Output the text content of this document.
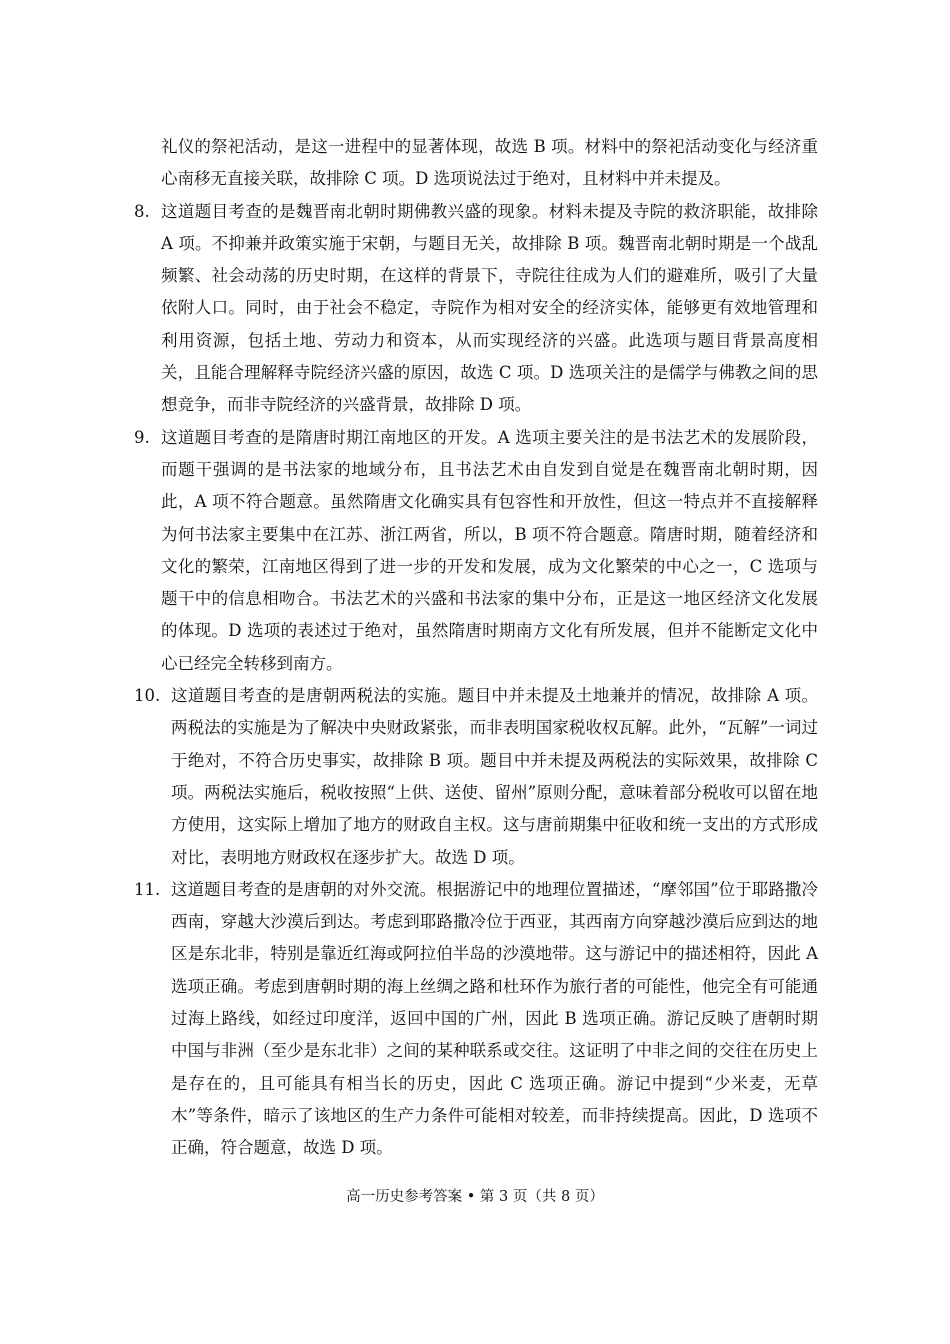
礼仪的祭祀活动，是这一进程中的显著体现，故选 B 项。材料中的祭祀活动变化与经济重心南移无直接关联，故排除 C 项。D 选项说法过于绝对，且材料中并未提及。

8. 这道题目考查的是魏晋南北朝时期佛教兴盛的现象。材料未提及寺院的救济职能，故排除 A 项。不抑兼并政策实施于宋朝，与题目无关，故排除 B 项。魏晋南北朝时期是一个战乱频繁、社会动荡的历史时期，在这样的背景下，寺院往往成为人们的避难所，吸引了大量依附人口。同时，由于社会不稳定，寺院作为相对安全的经济实体，能够更有效地管理和利用资源，包括土地、劳动力和资本，从而实现经济的兴盛。此选项与题目背景高度相关，且能合理解释寺院经济兴盛的原因，故选 C 项。D 选项关注的是儒学与佛教之间的思想竞争，而非寺院经济的兴盛背景，故排除 D 项。
9. 这道题目考查的是隋唐时期江南地区的开发。A 选项主要关注的是书法艺术的发展阶段，而题干强调的是书法家的地域分布，且书法艺术由自发到自觉是在魏晋南北朝时期，因此，A 项不符合题意。虽然隋唐文化确实具有包容性和开放性，但这一特点并不直接解释为何书法家主要集中在江苏、浙江两省，所以，B 项不符合题意。隋唐时期，随着经济和文化的繁荣，江南地区得到了进一步的开发和发展，成为文化繁荣的中心之一，C 选项与题干中的信息相吻合。书法艺术的兴盛和书法家的集中分布，正是这一地区经济文化发展的体现。D 选项的表述过于绝对，虽然隋唐时期南方文化有所发展，但并不能断定文化中心已经完全转移到南方。
10. 这道题目考查的是唐朝两税法的实施。题目中并未提及土地兼并的情况，故排除 A 项。两税法的实施是为了解决中央财政紧张，而非表明国家税收权瓦解。此外，“瓦解”一词过于绝对，不符合历史事实，故排除 B 项。题目中并未提及两税法的实际效果，故排除 C 项。两税法实施后，税收按照“上供、送使、留州”原则分配，意味着部分税收可以留在地方使用，这实际上增加了地方的财政自主权。这与唐前期集中征收和统一支出的方式形成对比，表明地方财政权在逐步扩大。故选 D 项。
11. 这道题目考查的是唐朝的对外交流。根据游记中的地理位置描述，“摩邻国”位于耶路撒冷西南，穿越大沙漠后到达。考虑到耶路撒冷位于西亚，其西南方向穿越沙漠后应到达的地区是东北非，特别是靠近红海或阿拉伯半岛的沙漠地带。这与游记中的描述相符，因此 A 选项正确。考虑到唐朝时期的海上丝绸之路和杜环作为旅行者的可能性，他完全有可能通过海上路线，如经过印度洋，返回中国的广州，因此 B 选项正确。游记反映了唐朝时期中国与非洲（至少是东北非）之间的某种联系或交往。这证明了中非之间的交往在历史上是存在的，且可能具有相当长的历史，因此 C 选项正确。游记中提到“少米麦，无草木”等条件，暗示了该地区的生产力条件可能相对较差，而非持续提高。因此，D 选项不正确，符合题意，故选 D 项。
高一历史参考答案 • 第 3 页（共 8 页）
